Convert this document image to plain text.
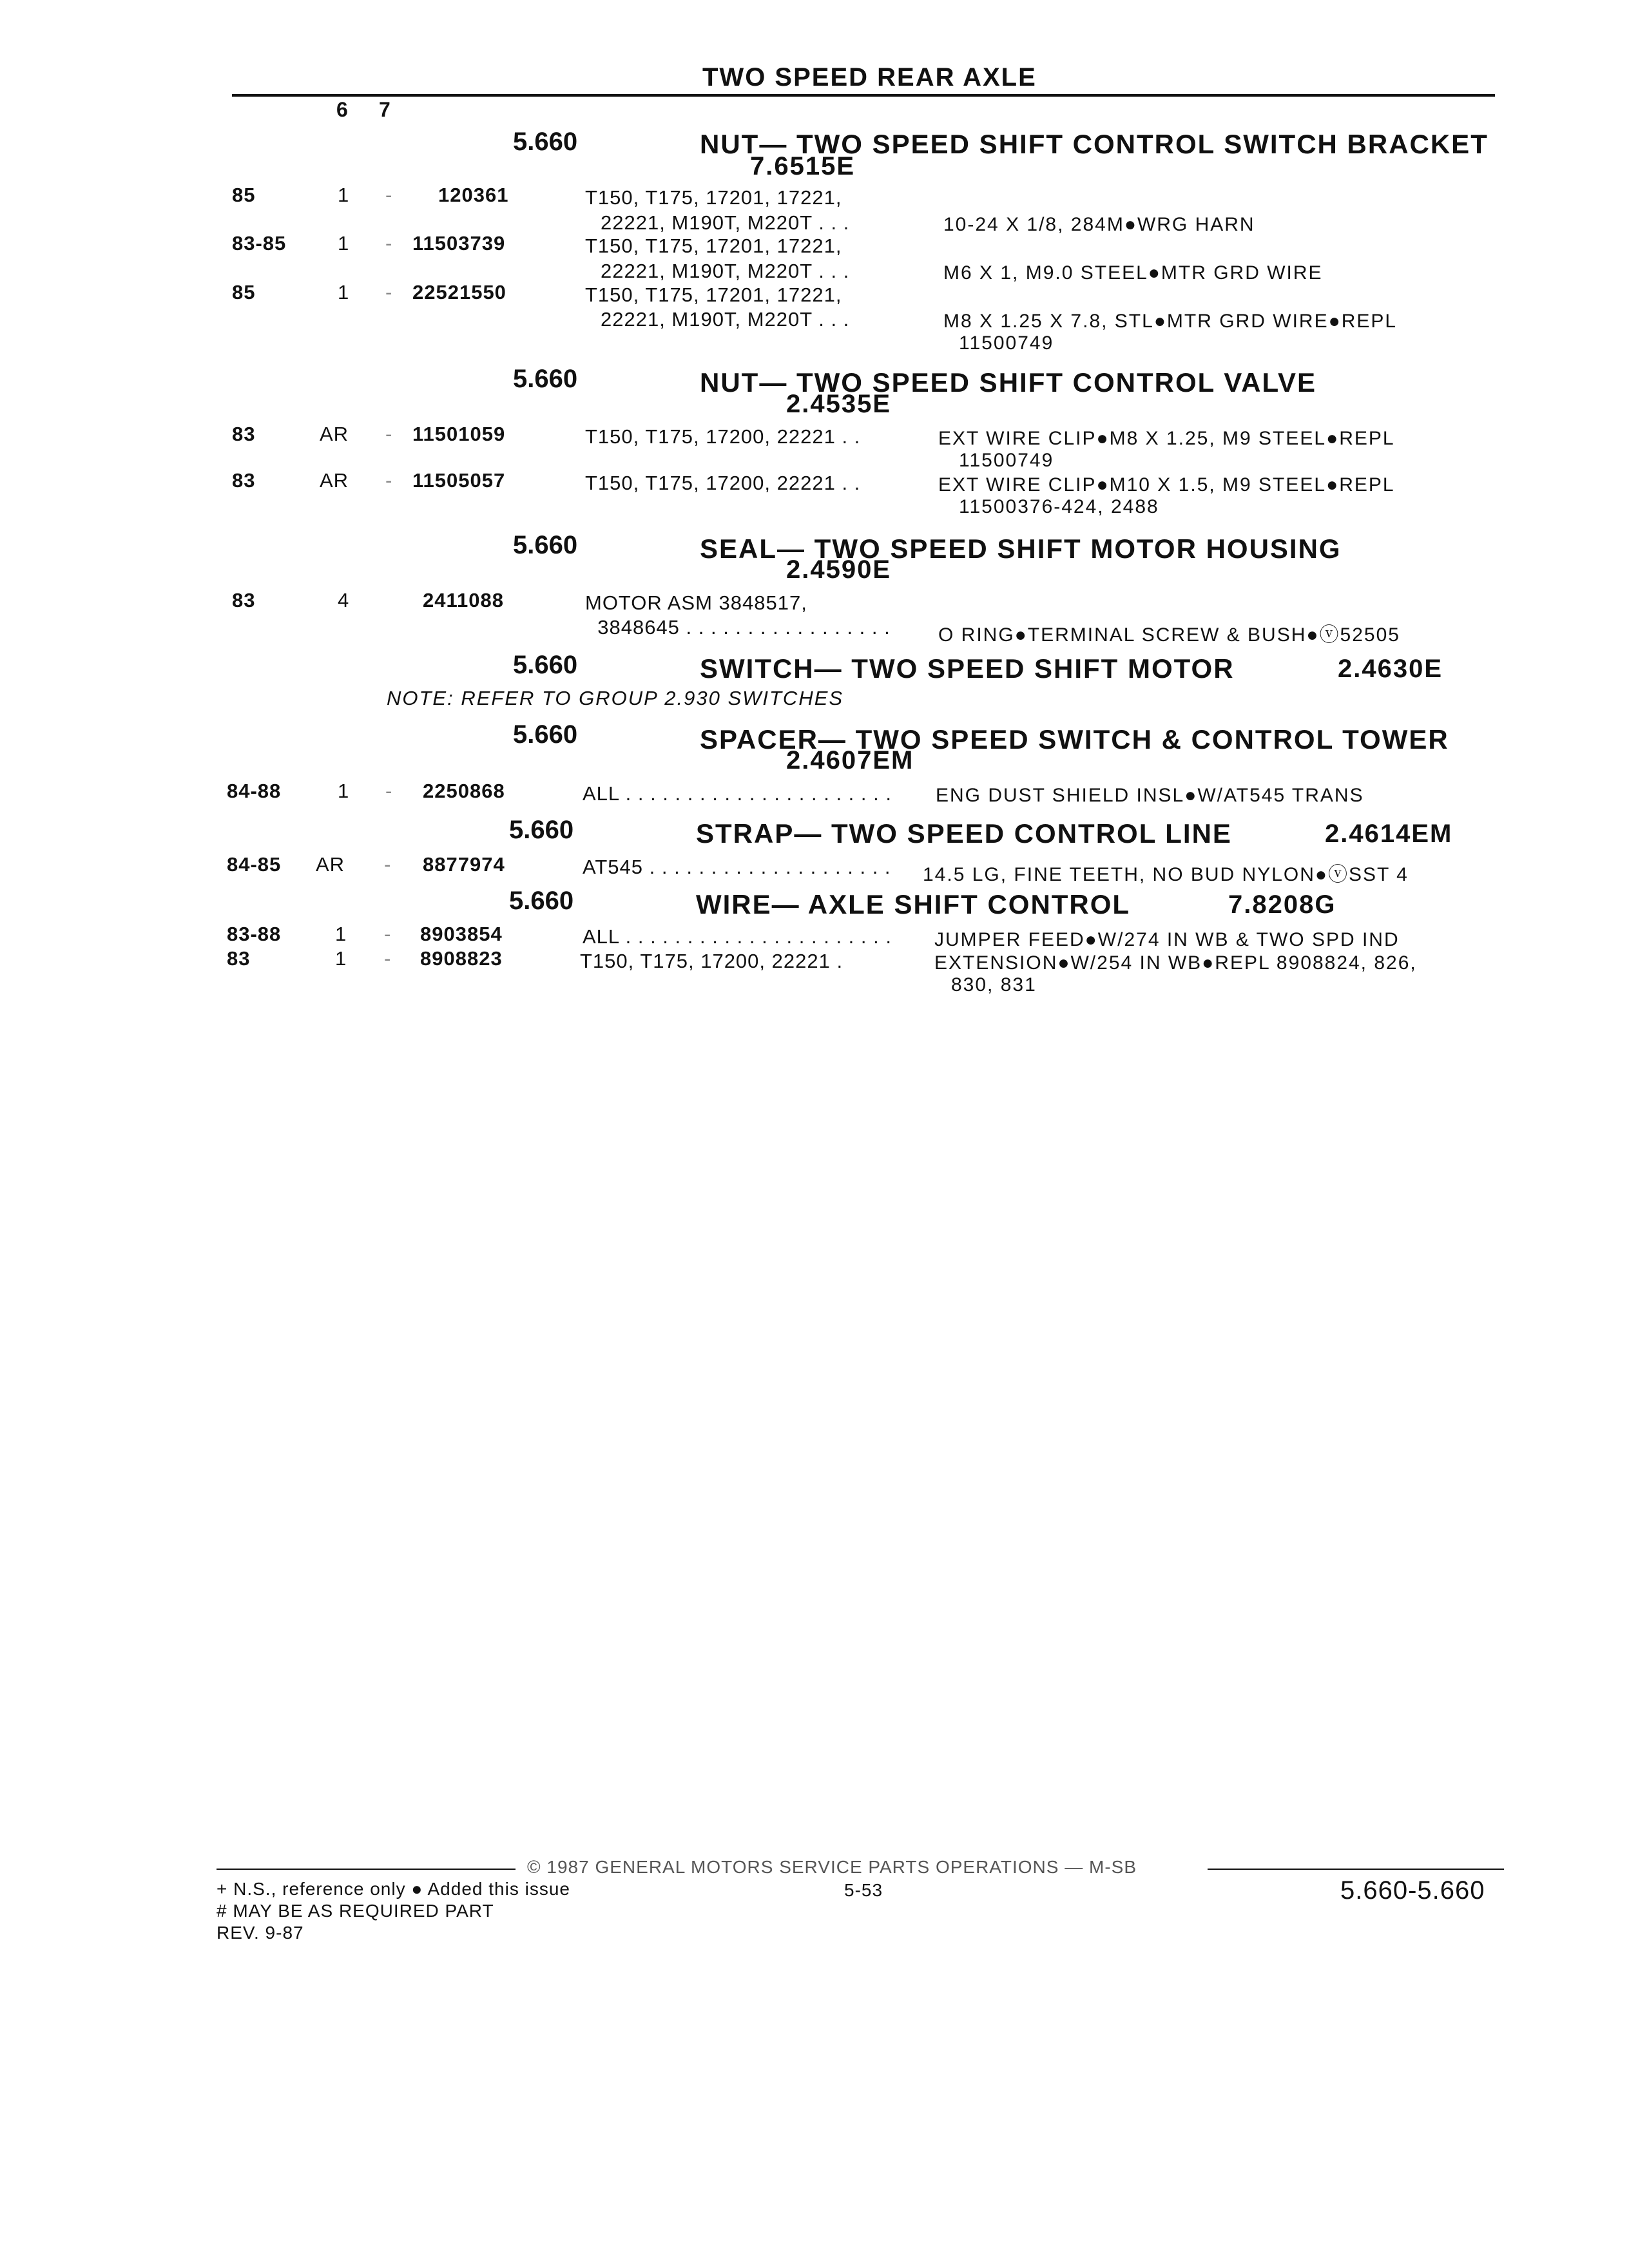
TWO SPEED REAR AXLE
6 7
5.660	NUT— TWO SPEED SHIFT CONTROL SWITCH BRACKET
7.6515E
85	1 - 120361	T150, T175, 17201, 17221,
22221, M190T, M220T . . .	10-24 X 1/8, 284M●WRG HARN
83-85	1 - 11503739	T150, T175, 17201, 17221,
22221, M190T, M220T . . .	M6 X 1, M9.0 STEEL●MTR GRD WIRE
85	1 - 22521550	T150, T175, 17201, 17221,
22221, M190T, M220T . . .	M8 X 1.25 X 7.8, STL●MTR GRD WIRE●REPL
11500749
5.660	NUT— TWO SPEED SHIFT CONTROL VALVE
2.4535E
83	AR - 11501059	T150, T175, 17200, 22221 . .	EXT WIRE CLIP●M8 X 1.25, M9 STEEL●REPL
11500749
83	AR - 11505057	T150, T175, 17200, 22221 . .	EXT WIRE CLIP●M10 X 1.5, M9 STEEL●REPL
11500376-424, 2488
5.660	SEAL— TWO SPEED SHIFT MOTOR HOUSING
2.4590E
83	4	2411088	MOTOR ASM 3848517,
3848645 . . . . . . . . . . . . . . . . . O RING●TERMINAL SCREW & BUSH●ⓥ52505
5.660	SWITCH— TWO SPEED SHIFT MOTOR	2.4630E
NOTE: REFER TO GROUP 2.930 SWITCHES
5.660	SPACER— TWO SPEED SWITCH & CONTROL TOWER
2.4607EM
84-88	1 - 2250868	ALL . . . . . . . . . . . . . . . . . . . . . . ENG DUST SHIELD INSL●W/AT545 TRANS
5.660	STRAP— TWO SPEED CONTROL LINE	2.4614EM
84-85 AR - 8877974	AT545 . . . . . . . . . . . . . . . . . . . . 14.5 LG, FINE TEETH, NO BUD NYLON●ⓥSST 4
5.660	WIRE— AXLE SHIFT CONTROL	7.8208G
83-88	1 - 8903854	ALL . . . . . . . . . . . . . . . . . . . . . . JUMPER FEED●W/274 IN WB & TWO SPD IND
83	1 - 8908823	T150, T175, 17200, 22221 .	EXTENSION●W/254 IN WB●REPL 8908824, 826,
830, 831
© 1987 GENERAL MOTORS SERVICE PARTS OPERATIONS — M-SB
+ N.S., reference only ● Added this issue
# MAY BE AS REQUIRED PART
REV. 9-87
5-53	5.660-5.660
